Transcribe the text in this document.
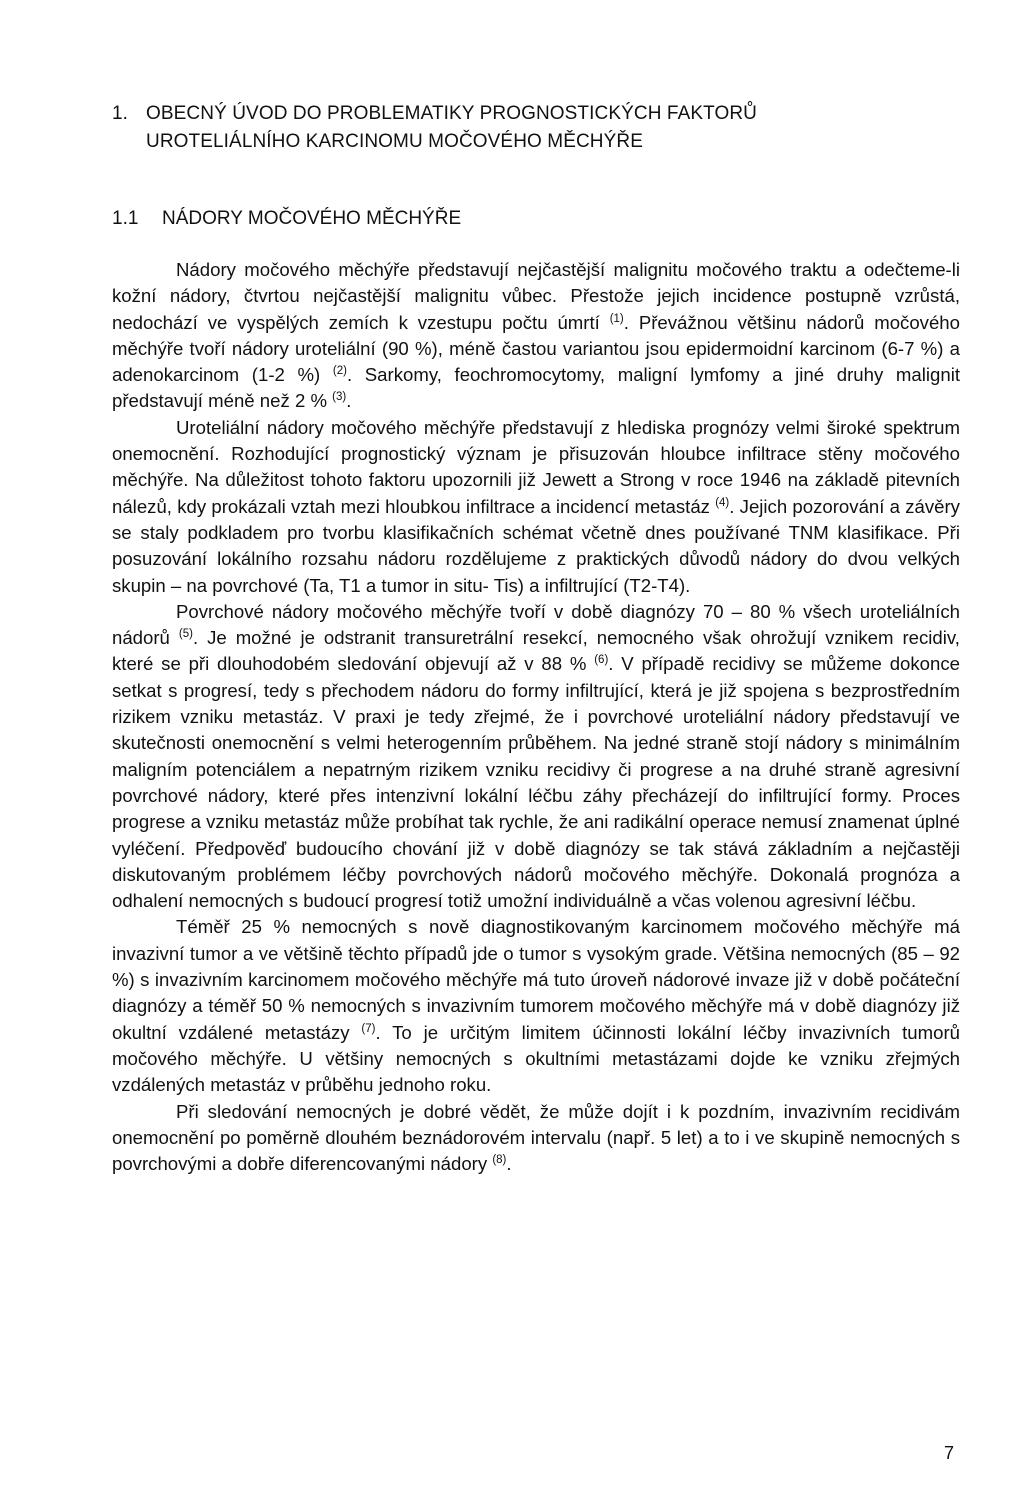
1. OBECNÝ ÚVOD DO PROBLEMATIKY PROGNOSTICKÝCH FAKTORŮ
UROTELIÁLNÍHO KARCINOMU MOČOVÉHO MĚCHÝŘE
1.1 NÁDORY MOČOVÉHO MĚCHÝŘE

Nádory močového měchýře představují nejčastější malignitu močového traktu a odečteme-li kožní nádory, čtvrtou nejčastější malignitu vůbec. Přestože jejich incidence postupně vzrůstá, nedochází ve vyspělých zemích k vzestupu počtu úmrtí $^{(1)}$. Převážnou většinu nádorů močového měchýře tvoří nádory uroteliální (90 %), méně častou variantou jsou epidermoidní karcinom (6-7 %) a adenokarcinom (1-2 %) $^{(2)}$. Sarkomy, feochromocytomy, maligní lymfomy a jiné druhy malignit představují méně než 2 % $^{(3)}$.

Uroteliální nádory močového měchýře představují z hlediska prognózy velmi široké spektrum onemocnění. Rozhodující prognostický význam je přisuzován hloubce infiltrace stěny močového měchýře. Na důležitost tohoto faktoru upozornili již Jewett a Strong v roce 1946 na základě pitevních nálezů, kdy prokázali vztah mezi hloubkou infiltrace a incidencí metastáz $^{(4)}$. Jejich pozorování a závěry se staly podkladem pro tvorbu klasifikačních schémat včetně dnes používané TNM klasifikace. Při posuzování lokálního rozsahu nádoru rozdělujeme z praktických důvodů nádory do dvou velkých skupin – na povrchové (Ta, T1 a tumor in situ- Tis) a infiltrující (T2-T4).

Povrchové nádory močového měchýře tvoří v době diagnózy 70 – 80 % všech uroteliálních nádorů $^{(5)}$. Je možné je odstranit transuretrální resekcí, nemocného však ohrožují vznikem recidiv, které se při dlouhodobém sledování objevují až v 88 % $^{(6)}$. V případě recidivy se můžeme dokonce setkat s progresí, tedy s přechodem nádoru do formy infiltrující, která je již spojena s bezprostředním rizikem vzniku metastáz. V praxi je tedy zřejmé, že i povrchové uroteliální nádory představují ve skutečnosti onemocnění s velmi heterogenním průběhem. Na jedné straně stojí nádory s minimálním maligním potenciálem a nepatrným rizikem vzniku recidivy či progrese a na druhé straně agresivní povrchové nádory, které přes intenzivní lokální léčbu záhy přecházejí do infiltrující formy. Proces progrese a vzniku metastáz může probíhat tak rychle, že ani radikální operace nemusí znamenat úplné vyléčení. Předpověď budoucího chování již v době diagnózy se tak stává základním a nejčastěji diskutovaným problémem léčby povrchových nádorů močového měchýře. Dokonalá prognóza a odhalení nemocných s budoucí progresí totiž umožní individuálně a včas volenou agresivní léčbu.

Téměř 25 % nemocných s nově diagnostikovaným karcinomem močového měchýře má invazivní tumor a ve většině těchto případů jde o tumor s vysokým grade. Většina nemocných (85 – 92 %) s invazivním karcinomem močového měchýře má tuto úroveň nádorové invaze již v době počáteční diagnózy a téměř 50 % nemocných s invazivním tumorem močového měchýře má v době diagnózy již okultní vzdálené metastázy $^{(7)}$. To je určitým limitem účinnosti lokální léčby invazivních tumorů močového měchýře. U většiny nemocných s okultními metastázami dojde ke vzniku zřejmých vzdálených metastáz v průběhu jednoho roku.

Při sledování nemocných je dobré vědět, že může dojít i k pozdním, invazivním recidivám onemocnění po poměrně dlouhém beznádorovém intervalu (např. 5 let) a to i ve skupině nemocných s povrchovými a dobře diferencovanými nádory $^{(8)}$.

7
